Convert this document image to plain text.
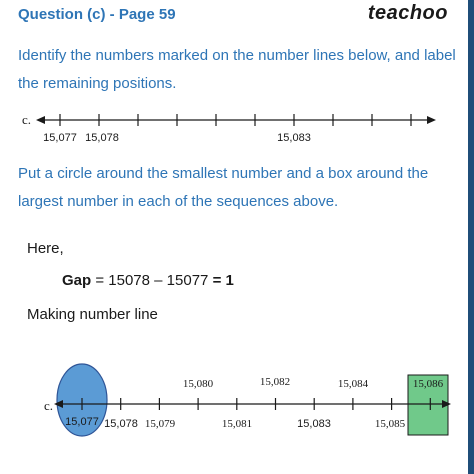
Question (c) - Page 59	teachoo
Identify the numbers marked on the number lines below, and label the remaining positions.
c.
15,077 15,078	15,083
c.
15,080	15,082	15,084	15,086
15,077 15,078 15,079	15,081	15,083	15,085
Put a circle around the smallest number and a box around the largest number in each of the sequences above.
Here,
Gap = 15078 – 15077 = 1
Making number line
